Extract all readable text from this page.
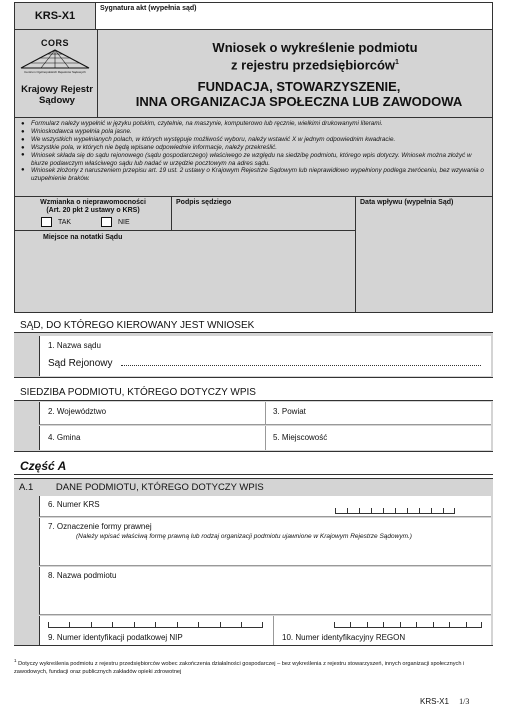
KRS-X1
Sygnatura akt (wypełnia sąd)
CORS
Centrum Ogólnopolskich Rejestrów Sądowych
Krajowy Rejestr
Sądowy
Wniosek o wykreślenie podmiotu
z rejestru przedsiębiorców$^1$
FUNDACJA, STOWARZYSZENIE,
INNA ORGANIZACJA SPOŁECZNA LUB ZAWODOWA
● Formularz należy wypełnić w języku polskim, czytelnie, na maszynie, komputerowo lub ręcznie, wielkimi drukowanymi literami.
● Wnioskodawca wypełnia pola jasne.
● We wszystkich wypełnianych polach, w których występuje możliwość wyboru, należy wstawić X w jednym odpowiednim kwadracie.
● Wszystkie pola, w których nie będą wpisane odpowiednie informacje, należy przekreślić.
● Wniosek składa się do sądu rejonowego (sądu gospodarczego) właściwego ze względu na siedzibę podmiotu, którego wpis dotyczy. Wniosek można złożyć w biurze podawczym właściwego sądu lub nadać w urzędzie pocztowym na adres sądu.
● Wniosek złożony z naruszeniem przepisu art. 19 ust. 2 ustawy o Krajowym Rejestrze Sądowym lub nieprawidłowo wypełniony podlega zwróceniu, bez wzywania o uzupełnienie braków.
Wzmianka o nieprawomocności
(Art. 20 pkt 2 ustawy o KRS)
TAK	NIE
Podpis sędziego	Data wpływu (wypełnia Sąd)
Miejsce na notatki Sądu
SĄD, DO KTÓREGO KIEROWANY JEST WNIOSEK
1. Nazwa sądu
Sąd Rejonowy
SIEDZIBA PODMIOTU, KTÓREGO DOTYCZY WPIS
2. Województwo	3. Powiat
4. Gmina	5. Miejscowość
Część A
A.1 DANE PODMIOTU, KTÓREGO DOTYCZY WPIS
6. Numer KRS
7. Oznaczenie formy prawnej
(Należy wpisać właściwą formę prawną lub rodzaj organizacji podmiotu ujawnione w Krajowym Rejestrze Sądowym.)
8. Nazwa podmiotu
9. Numer identyfikacji podatkowej NIP	10. Numer identyfikacyjny REGON
$^1$ Dotyczy wykreślenia podmiotu z rejestru przedsiębiorców wobec zakończenia działalności gospodarczej – bez wykreślenia z rejestru stowarzyszeń, innych organizacji społecznych i zawodowych, fundacji oraz publicznych zakładów opieki zdrowotnej
KRS-X1 1/3
